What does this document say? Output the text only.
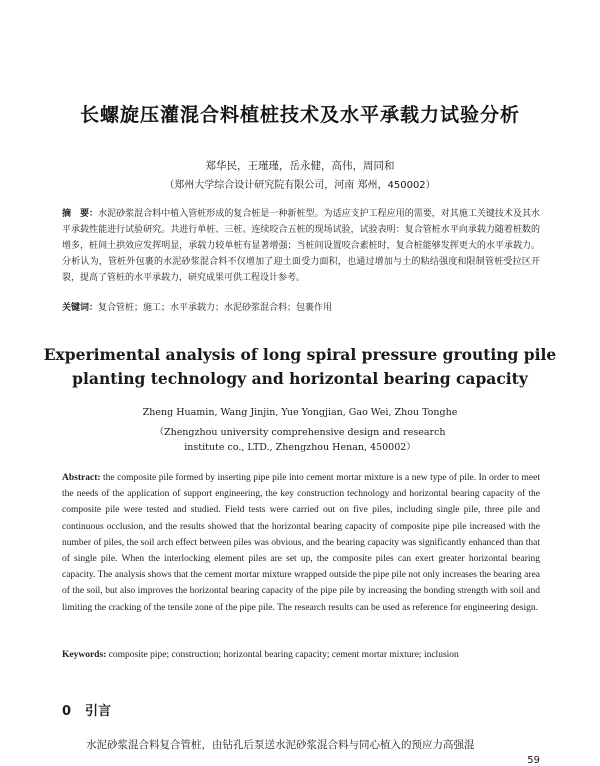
长螺旋压灌混合料植桩技术及水平承载力试验分析
郑华民，王瑾瑾，岳永健，高伟，周同和
（郑州大学综合设计研究院有限公司，河南 郑州，450002）
摘　要：水泥砂浆混合料中植入管桩形成的复合桩是一种新桩型。为适应支护工程应用的需要，对其施工关键技术及其水平承载性能进行试验研究。共进行单桩、三桩、连续咬合五桩的现场试验，试验表明：复合管桩水平向承载力随着桩数的增多，桩间土拱效应发挥明显，承载力较单桩有显著增强；当桩间设置咬合素桩时，复合桩能够发挥更大的水平承载力。分析认为，管桩外包裹的水泥砂浆混合料不仅增加了迎土面受力面积，也通过增加与土的粘结强度和限制管桩受拉区开裂，提高了管桩的水平承载力，研究成果可供工程设计参考。
关键词：复合管桩；施工；水平承载力；水泥砂浆混合料；包裹作用
Experimental analysis of long spiral pressure grouting pile
planting technology and horizontal bearing capacity
Zheng Huamin, Wang Jinjin, Yue Yongjian, Gao Wei, Zhou Tonghe
（Zhengzhou university comprehensive design and research
institute co., LTD., Zhengzhou Henan, 450002）
Abstract: the composite pile formed by inserting pipe pile into cement mortar mixture is a new type of pile. In order to meet the needs of the application of support engineering, the key construction technology and horizontal bearing capacity of the composite pile were tested and studied. Field tests were carried out on five piles, including single pile, three pile and continuous occlusion, and the results showed that the horizontal bearing capacity of composite pipe pile increased with the number of piles, the soil arch effect between piles was obvious, and the bearing capacity was significantly enhanced than that of single pile. When the interlocking element piles are set up, the composite piles can exert greater horizontal bearing capacity. The analysis shows that the cement mortar mixture wrapped outside the pipe pile not only increases the bearing area of the soil, but also improves the horizontal bearing capacity of the pipe pile by increasing the bonding strength with soil and limiting the cracking of the tensile zone of the pipe pile. The research results can be used as reference for engineering design.
Keywords: composite pipe; construction; horizontal bearing capacity; cement mortar mixture; inclusion
0 引言
水泥砂浆混合料复合管桩，由钻孔后泵送水泥砂浆混合料与同心植入的预应力高强混
59
